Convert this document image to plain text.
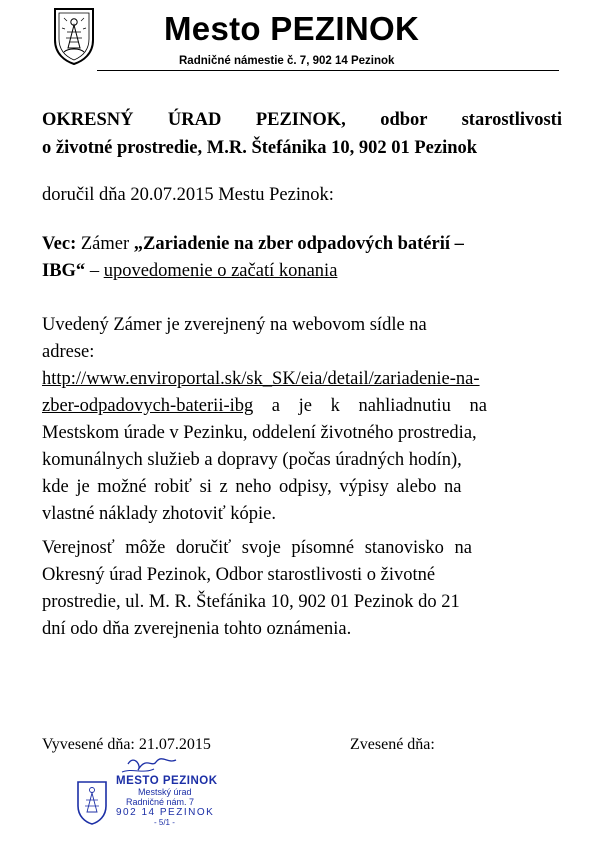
Mesto PEZINOK
Radničné námestie č. 7, 902 14 Pezinok
OKRESNÝ ÚRAD PEZINOK, odbor starostlivosti
o životné prostredie, M.R. Štefánika 10, 902 01 Pezinok
doručil dňa 20.07.2015 Mestu Pezinok:
Vec: Zámer „Zariadenie na zber odpadových batérií –
IBG“ – upovedomenie o začatí konania
Uvedený Zámer je zverejnený na webovom sídle na
adrese:
http://www.enviroportal.sk/sk_SK/eia/detail/zariadenie-na-
zber-odpadovych-baterii-ibg a je k nahliadnutiu na
Mestskom úrade v Pezinku, oddelení životného prostredia,
komunálnych služieb a dopravy (počas úradných hodín),
kde je možné robiť si z neho odpisy, výpisy alebo na
vlastné náklady zhotoviť kópie.
Verejnosť môže doručiť svoje písomné stanovisko na
Okresný úrad Pezinok, Odbor starostlivosti o životné
prostredie, ul. M. R. Štefánika 10, 902 01 Pezinok do 21
dní odo dňa zverejnenia tohto oznámenia.
Vyvesené dňa: 21.07.2015	Zvesené dňa:
MESTO PEZINOK
Mestský úrad
Radničné nám. 7
902 14 PEZINOK
- 5/1 -
